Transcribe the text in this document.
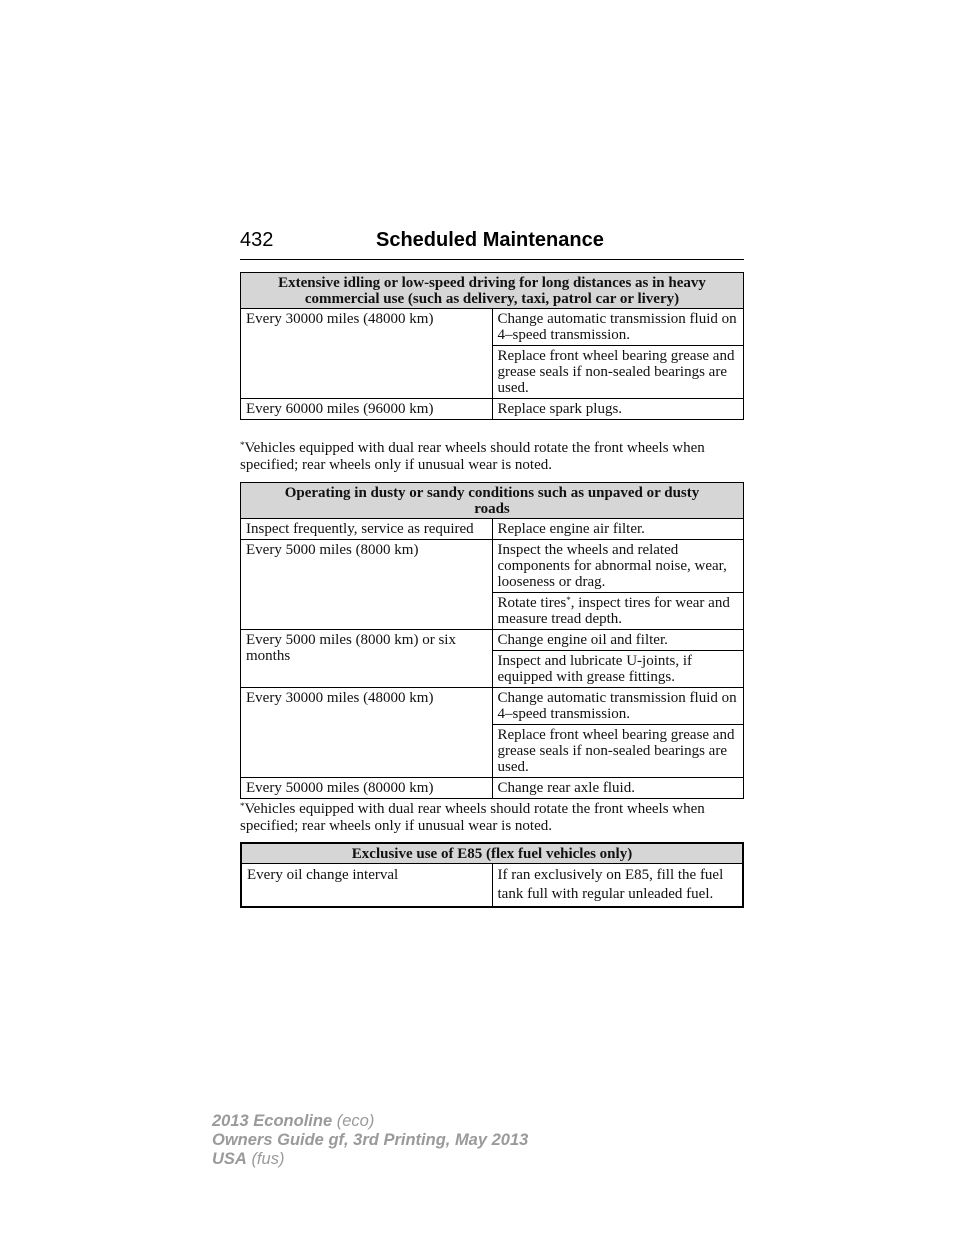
432	Scheduled Maintenance
Extensive idling or low-speed driving for long distances as in heavy commercial use (such as delivery, taxi, patrol car or livery)	
Every 30000 miles (48000 km)	Change automatic transmission fluid on 4–speed transmission.
	Replace front wheel bearing grease and grease seals if non-sealed bearings are used.
Every 60000 miles (96000 km)	Replace spark plugs.
*Vehicles equipped with dual rear wheels should rotate the front wheels when specified; rear wheels only if unusual wear is noted.
Operating in dusty or sandy conditions such as unpaved or dusty roads	
Inspect frequently, service as required	Replace engine air filter.
Every 5000 miles (8000 km)	Inspect the wheels and related components for abnormal noise, wear, looseness or drag.
	Rotate tires*, inspect tires for wear and measure tread depth.
Every 5000 miles (8000 km) or six months	Change engine oil and filter.
	Inspect and lubricate U-joints, if equipped with grease fittings.
Every 30000 miles (48000 km)	Change automatic transmission fluid on 4–speed transmission.
	Replace front wheel bearing grease and grease seals if non-sealed bearings are used.
Every 50000 miles (80000 km)	Change rear axle fluid.
*Vehicles equipped with dual rear wheels should rotate the front wheels when specified; rear wheels only if unusual wear is noted.
Exclusive use of E85 (flex fuel vehicles only)
Every oil change interval	If ran exclusively on E85, fill the fuel tank full with regular unleaded fuel.
2013 Econoline (eco)
Owners Guide gf, 3rd Printing, May 2013
USA (fus)
